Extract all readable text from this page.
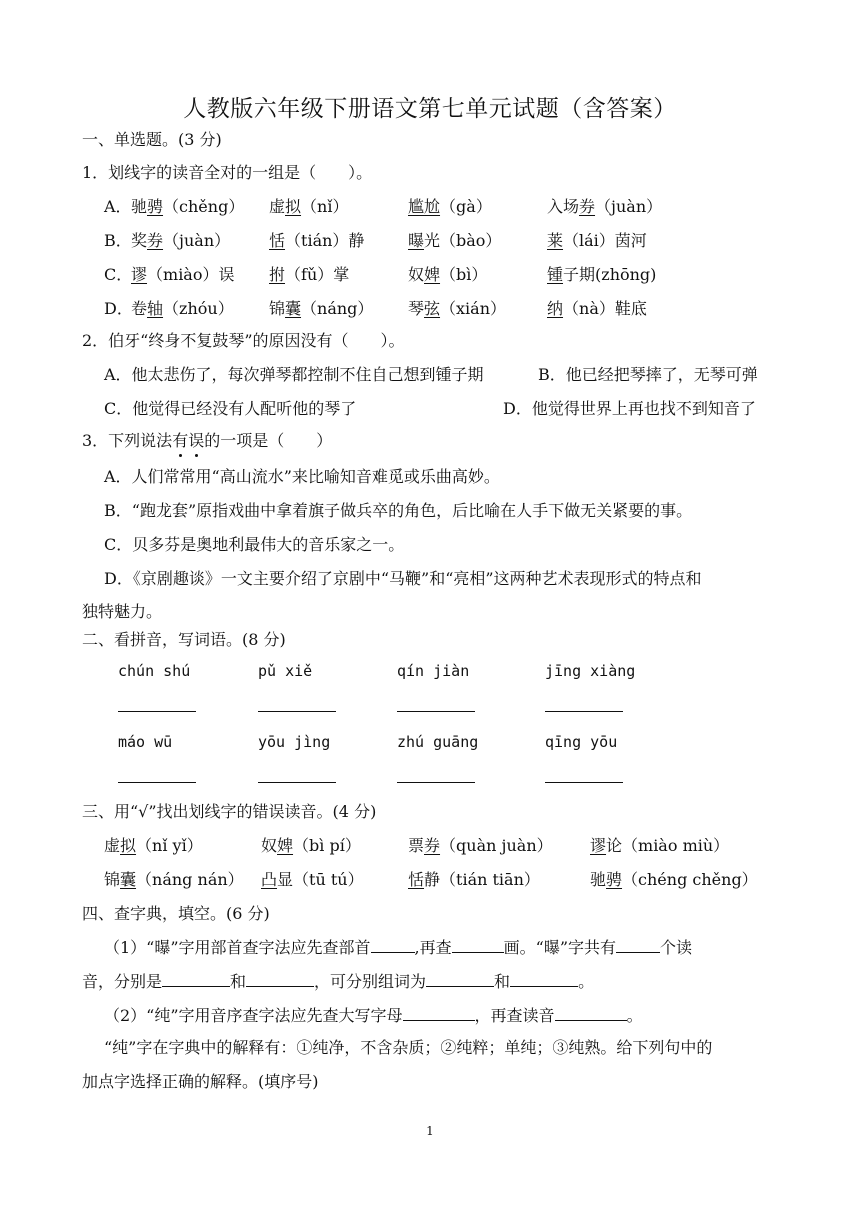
人教版六年级下册语文第七单元试题（含答案）
一、单选题。(3 分)
1．划线字的读音全对的一组是（　　）。
A． 驰骋（chěng） 虚拟（nǐ）	尴尬（gà）	入场券（juàn）
B． 奖券（juàn） 恬（tián）静	曝光（bào）	莱（lái）茵河
C．
谬（miào）误 拊（fǔ）掌	奴婢（bì）	锺子期(zhōng)
D．
卷轴（zhóu） 锦囊（náng） 琴弦（xián）	纳（nà）鞋底
2．伯牙“终身不复鼓琴”的原因没有（　　）。
A．他太悲伤了，每次弹琴都控制不住自己想到锺子期	B．他已经把琴摔了，无琴可弹
C．他觉得已经没有人配听他的琴了	D．他觉得世界上再也找不到知音了
3．下列说法有误的一项是（　　）
A．人们常常用“高山流水”来比喻知音难觅或乐曲高妙。
B．“跑龙套”原指戏曲中拿着旗子做兵卒的角色，后比喻在人手下做无关紧要的事。
C．贝多芬是奥地利最伟大的音乐家之一。
D．《京剧趣谈》一文主要介绍了京剧中“马鞭”和“亮相”这两种艺术表现形式的特点和
独特魅力。
二、看拼音，写词语。(8 分)
chún shú	pǔ xiě	qín jiàn	jīng xiàng
máo wū	yōu jìng	zhú guāng	qīng yōu
三、用“√”找出划线字的错误读音。(4 分)
虚拟（nǐ yǐ）	奴婢（bì pí）	票券（quàn juàn） 谬论（miào miù）
锦囊（náng nán） 凸显（tū tú）	恬静（tián tiān）	驰骋（chéng chěng）
四、查字典，填空。(6 分)
（1）“曝”字用部首查字法应先查部首	,再查	画。“曝”字共有	个读
音，分别是	和	，可分别组词为	和	。
（2）“纯”字用音序查字法应先查大写字母	，再查读音	。
“纯”字在字典中的解释有：①纯净，不含杂质；②纯粹；单纯；③纯熟。给下列句中的
加点字选择正确的解释。(填序号)
1
